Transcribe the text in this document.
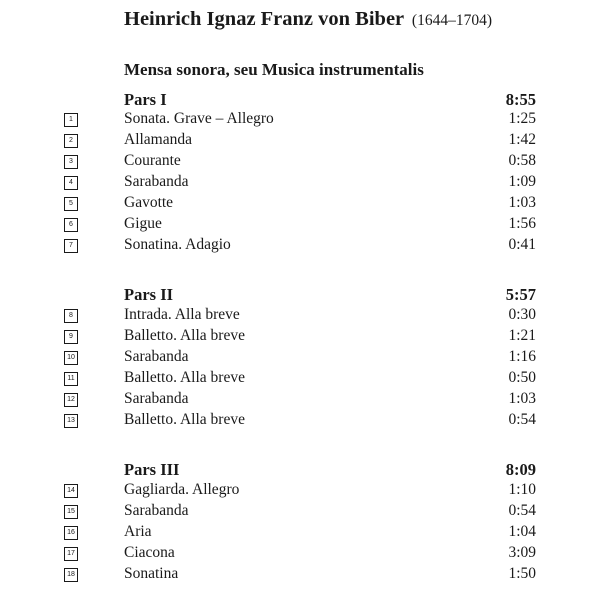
Heinrich Ignaz Franz von Biber (1644–1704)
Mensa sonora, seu Musica instrumentalis
Pars I	8:55
1	Sonata. Grave – Allegro	1:25
2	Allamanda	1:42
3	Courante	0:58
4	Sarabanda	1:09
5	Gavotte	1:03
6	Gigue	1:56
7	Sonatina. Adagio	0:41
Pars II	5:57
8	Intrada. Alla breve	0:30
9	Balletto. Alla breve	1:21
10	Sarabanda	1:16
11	Balletto. Alla breve	0:50
12	Sarabanda	1:03
13	Balletto. Alla breve	0:54
Pars III	8:09
14	Gagliarda. Allegro	1:10
15	Sarabanda	0:54
16	Aria	1:04
17	Ciacona	3:09
18	Sonatina	1:50
